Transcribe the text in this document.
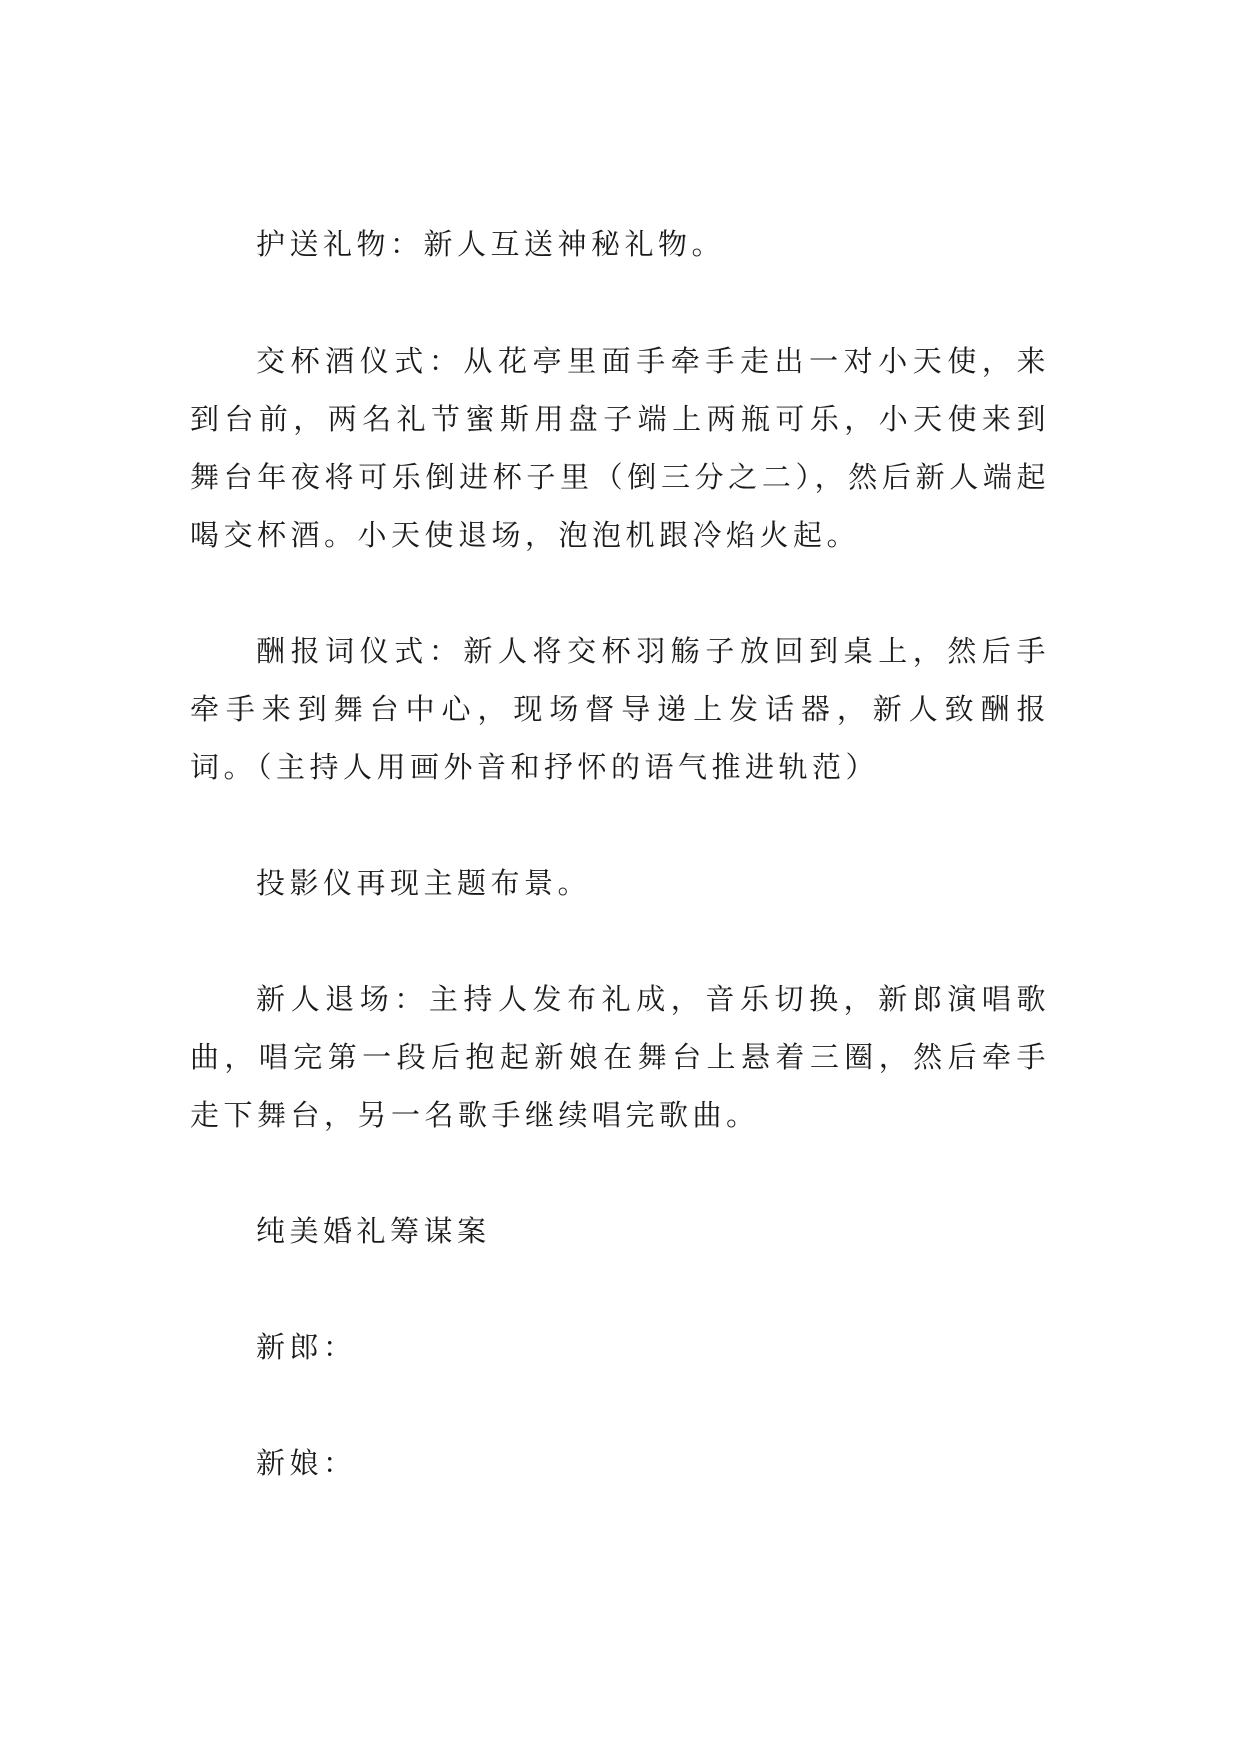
护送礼物：新人互送神秘礼物。

交杯酒仪式：从花亭里面手牵手走出一对小天使，来到台前，两名礼节蜜斯用盘子端上两瓶可乐，小天使来到舞台年夜将可乐倒进杯子里（倒三分之二），然后新人端起喝交杯酒。小天使退场，泡泡机跟冷焰火起。

酬报词仪式：新人将交杯羽觞子放回到桌上，然后手牵手来到舞台中心，现场督导递上发话器，新人致酬报词。（主持人用画外音和抒怀的语气推进轨范）

投影仪再现主题布景。

新人退场：主持人发布礼成，音乐切换，新郎演唱歌曲，唱完第一段后抱起新娘在舞台上悬着三圈，然后牵手走下舞台，另一名歌手继续唱完歌曲。

纯美婚礼筹谋案

新郎：

新娘：
